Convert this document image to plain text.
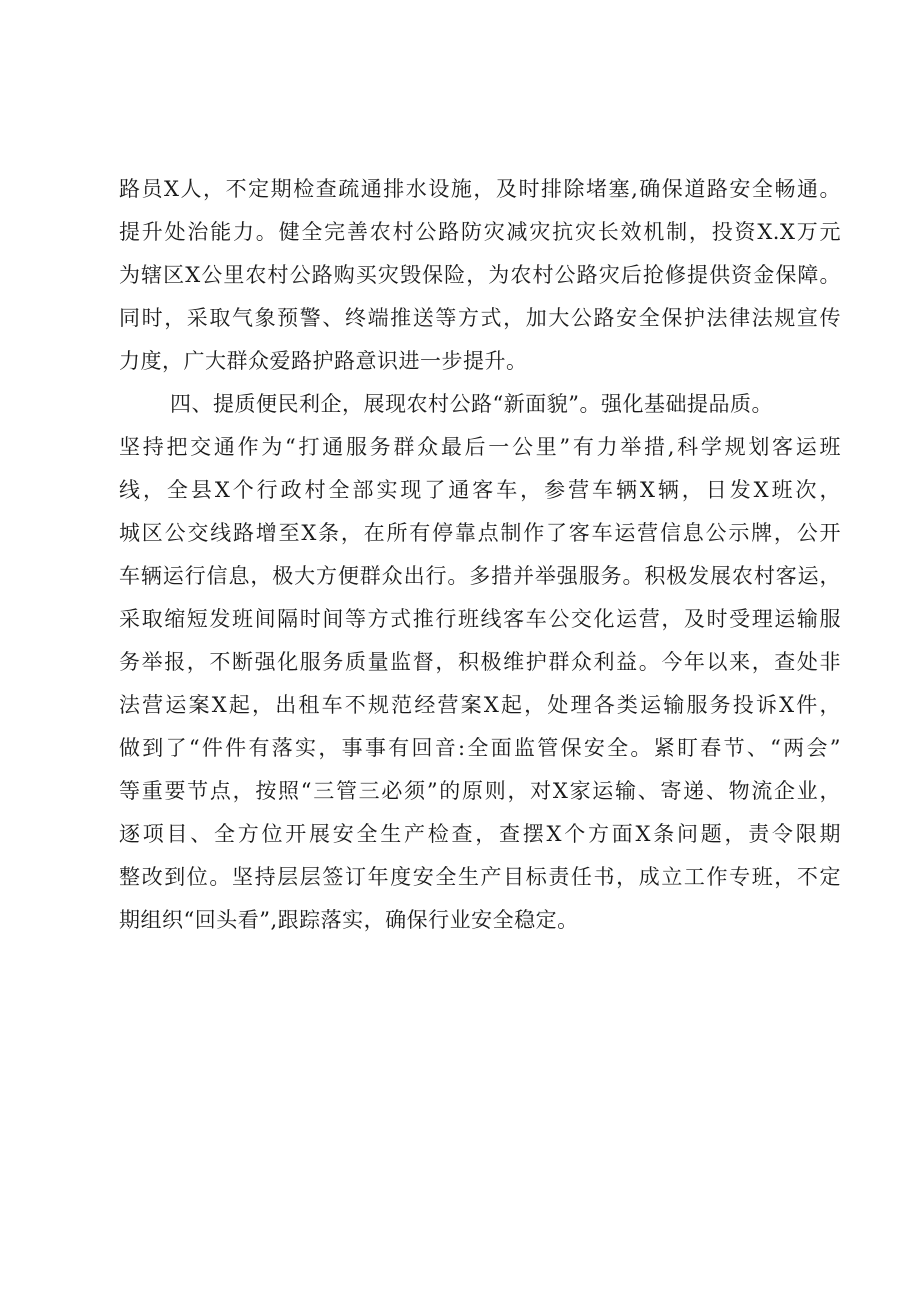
路员X人，不定期检查疏通排水设施，及时排除堵塞,确保道路安全畅通。
提升处治能力。健全完善农村公路防灾减灾抗灾长效机制，投资X.X万元
为辖区X公里农村公路购买灾毁保险，为农村公路灾后抢修提供资金保障。
同时，采取气象预警、终端推送等方式，加大公路安全保护法律法规宣传
力度，广大群众爱路护路意识进一步提升。
四、提质便民利企，展现农村公路“新面貌”。强化基础提品质。
坚持把交通作为“打通服务群众最后一公里”有力举措,科学规划客运班
线，全县X个行政村全部实现了通客车，参营车辆X辆，日发X班次，
城区公交线路增至X条，在所有停靠点制作了客车运营信息公示牌，公开
车辆运行信息，极大方便群众出行。多措并举强服务。积极发展农村客运，
采取缩短发班间隔时间等方式推行班线客车公交化运营，及时受理运输服
务举报，不断强化服务质量监督，积极维护群众利益。今年以来，查处非
法营运案X起，出租车不规范经营案X起，处理各类运输服务投诉X件，
做到了“件件有落实，事事有回音:全面监管保安全。紧盯春节、“两会”
等重要节点，按照“三管三必须”的原则，对X家运输、寄递、物流企业，
逐项目、全方位开展安全生产检查，查摆X个方面X条问题，责令限期
整改到位。坚持层层签订年度安全生产目标责任书，成立工作专班，不定
期组织“回头看”,跟踪落实，确保行业安全稳定。
